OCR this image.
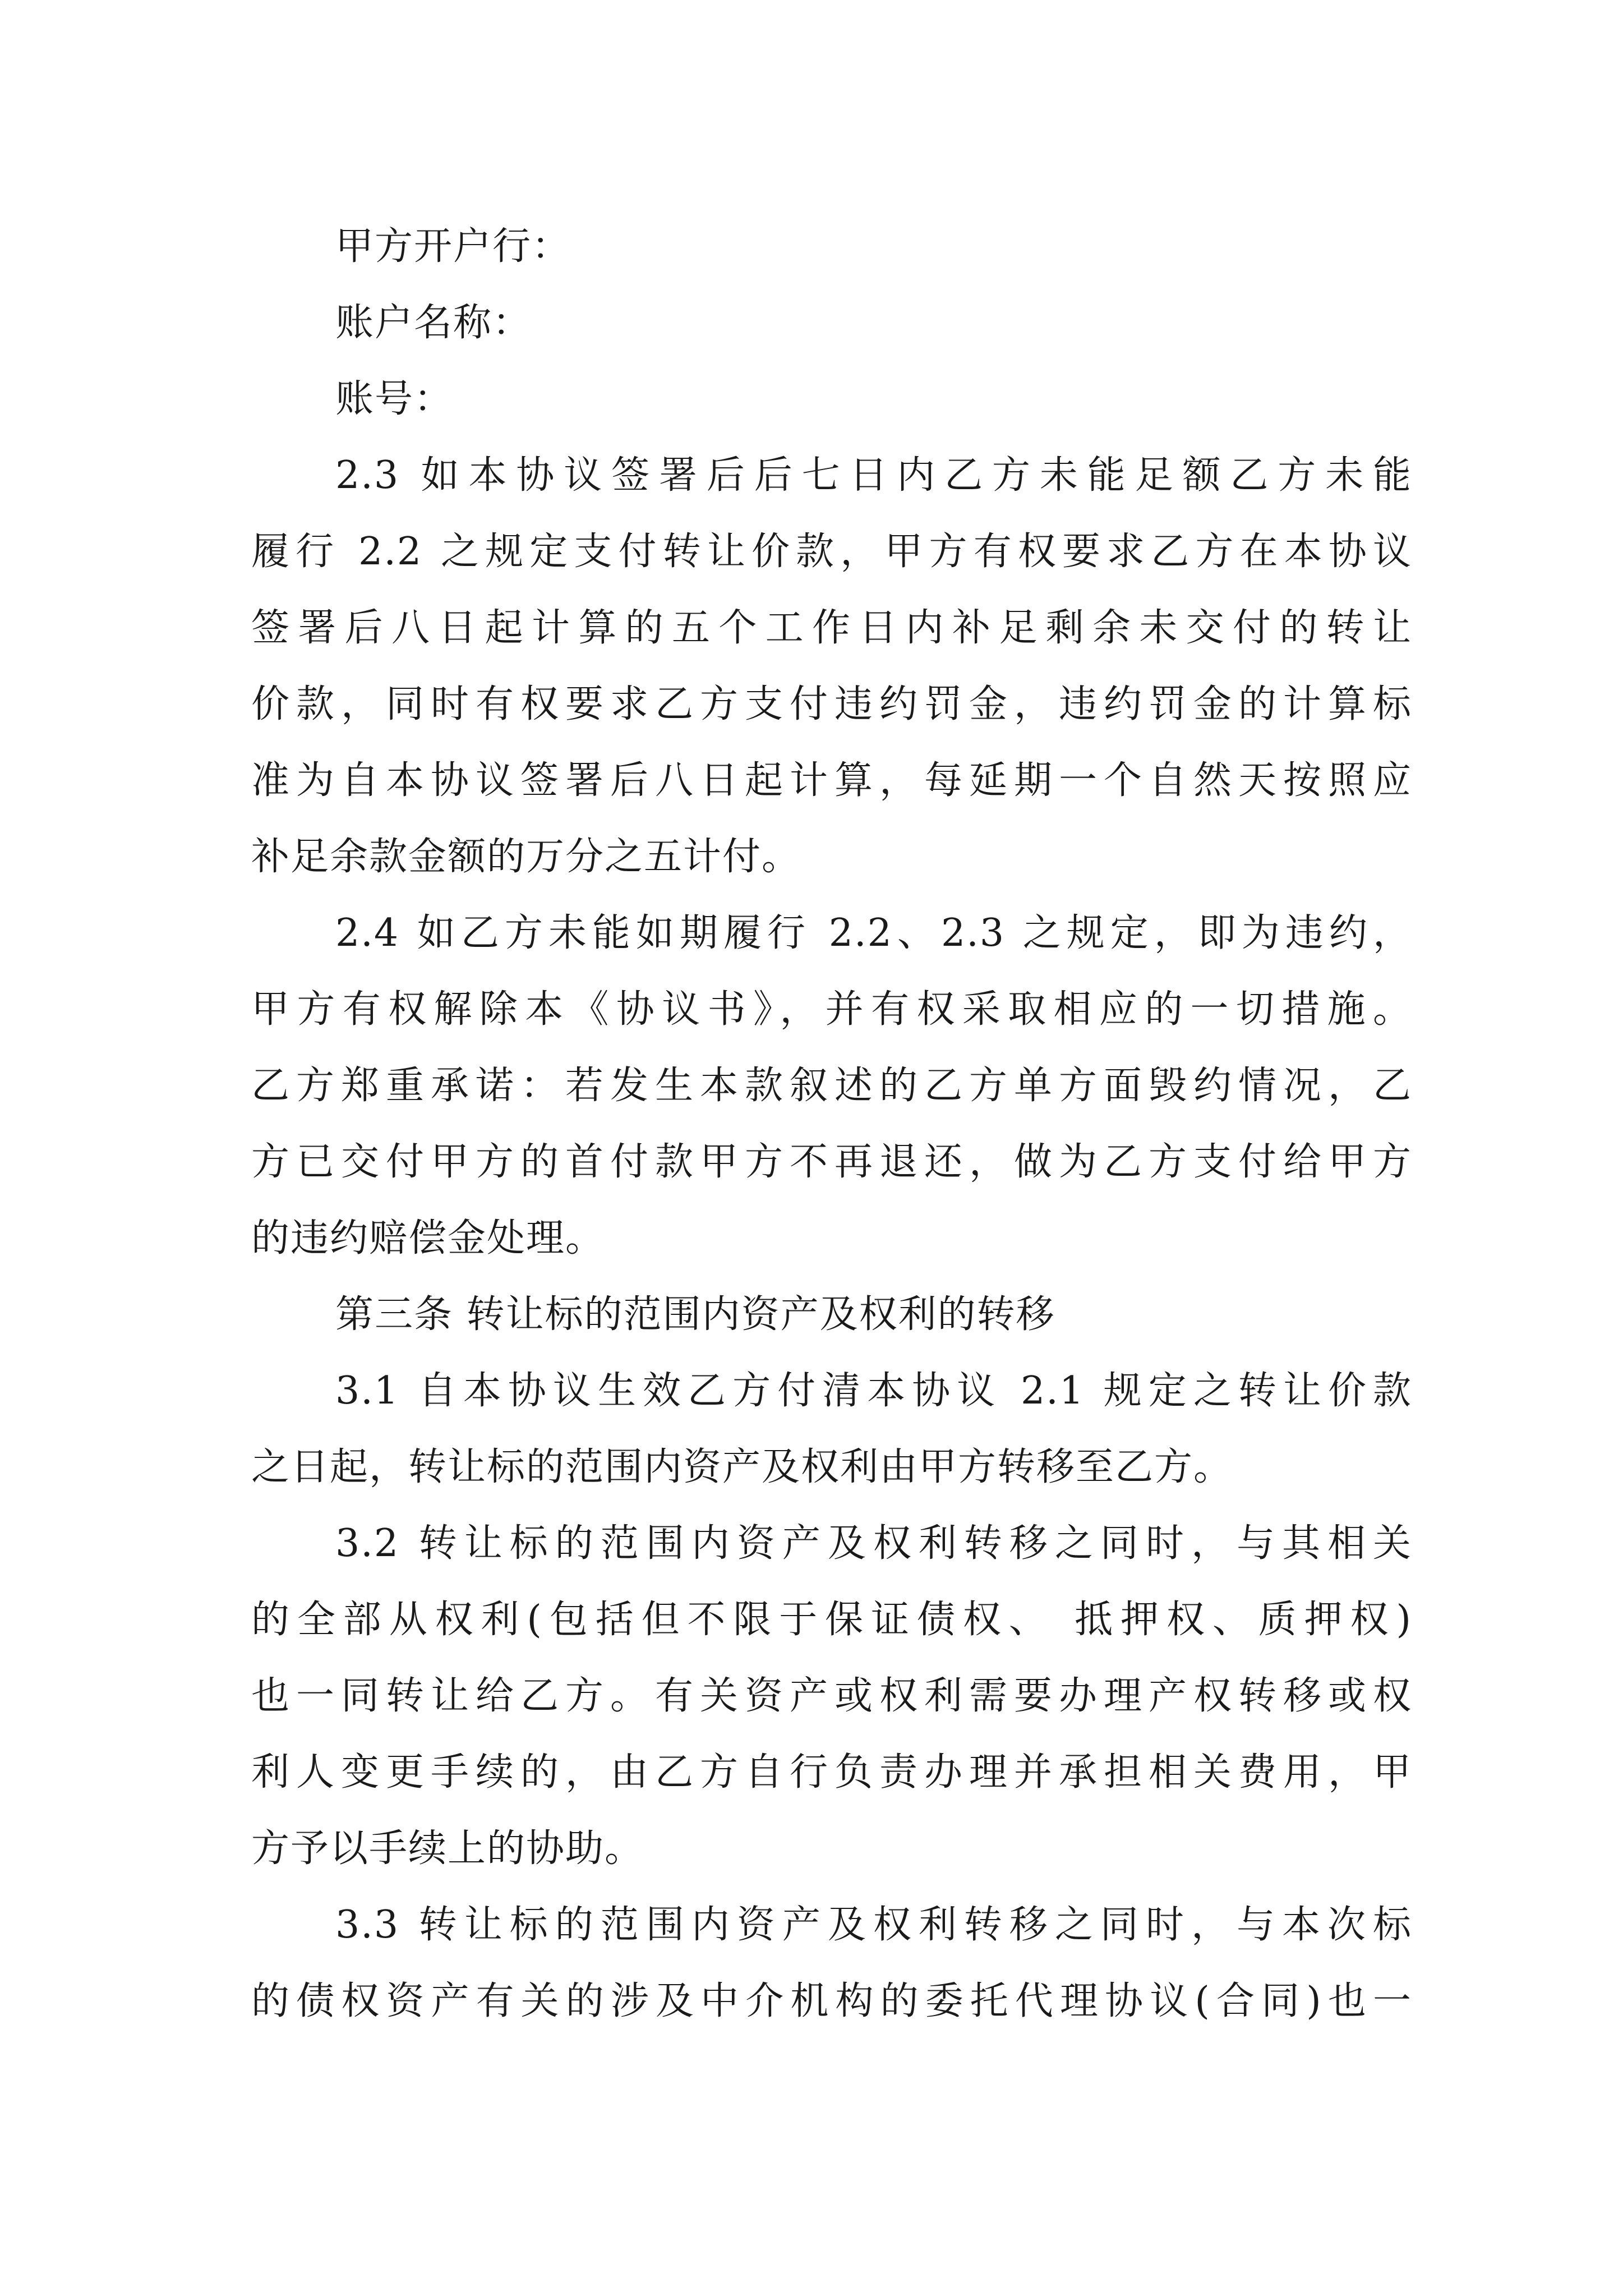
甲方开户行：
账户名称：
账号：
2.3 如本协议签署后后七日内乙方未能足额乙方未能
履行 2.2 之规定支付转让价款，甲方有权要求乙方在本协议
签署后八日起计算的五个工作日内补足剩余未交付的转让
价款，同时有权要求乙方支付违约罚金，违约罚金的计算标
准为自本协议签署后八日起计算，每延期一个自然天按照应
补足余款金额的万分之五计付。
2.4 如乙方未能如期履行 2.2、2.3 之规定，即为违约，
甲方有权解除本《协议书》，并有权采取相应的一切措施。
乙方郑重承诺：若发生本款叙述的乙方单方面毁约情况，乙
方已交付甲方的首付款甲方不再退还，做为乙方支付给甲方
的违约赔偿金处理。
第三条 转让标的范围内资产及权利的转移
3.1 自本协议生效乙方付清本协议 2.1 规定之转让价款
之日起，转让标的范围内资产及权利由甲方转移至乙方。
3.2 转让标的范围内资产及权利转移之同时，与其相关
的全部从权利(包括但不限于保证债权、 抵押权、质押权)
也一同转让给乙方。有关资产或权利需要办理产权转移或权
利人变更手续的，由乙方自行负责办理并承担相关费用，甲
方予以手续上的协助。
3.3 转让标的范围内资产及权利转移之同时，与本次标
的债权资产有关的涉及中介机构的委托代理协议(合同)也一
